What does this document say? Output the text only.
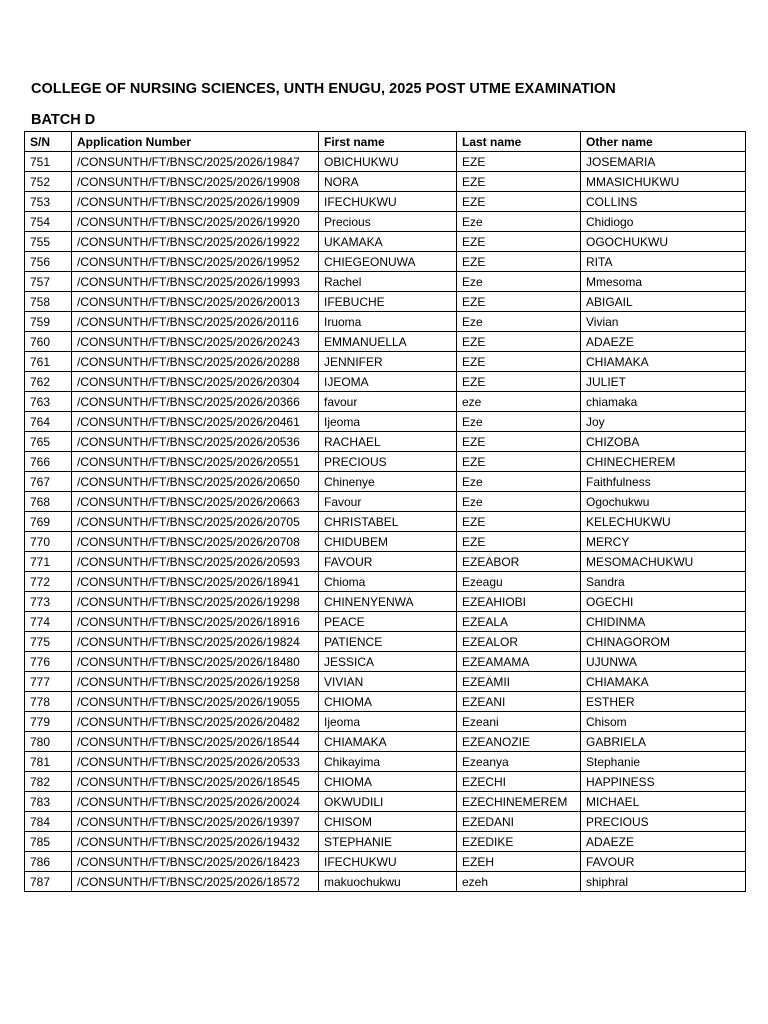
COLLEGE OF NURSING SCIENCES, UNTH ENUGU, 2025 POST UTME EXAMINATION
BATCH D
S/N	Application Number	First name	Last name	Other name
751	/CONSUNTH/FT/BNSC/2025/2026/19847	OBICHUKWU	EZE	JOSEMARIA
752	/CONSUNTH/FT/BNSC/2025/2026/19908	NORA	EZE	MMASICHUKWU
753	/CONSUNTH/FT/BNSC/2025/2026/19909	IFECHUKWU	EZE	COLLINS
754	/CONSUNTH/FT/BNSC/2025/2026/19920	Precious	Eze	Chidiogo
755	/CONSUNTH/FT/BNSC/2025/2026/19922	UKAMAKA	EZE	OGOCHUKWU
756	/CONSUNTH/FT/BNSC/2025/2026/19952	CHIEGEONUWA	EZE	RITA
757	/CONSUNTH/FT/BNSC/2025/2026/19993	Rachel	Eze	Mmesoma
758	/CONSUNTH/FT/BNSC/2025/2026/20013	IFEBUCHE	EZE	ABIGAIL
759	/CONSUNTH/FT/BNSC/2025/2026/20116	Iruoma	Eze	Vivian
760	/CONSUNTH/FT/BNSC/2025/2026/20243	EMMANUELLA	EZE	ADAEZE
761	/CONSUNTH/FT/BNSC/2025/2026/20288	JENNIFER	EZE	CHIAMAKA
762	/CONSUNTH/FT/BNSC/2025/2026/20304	IJEOMA	EZE	JULIET
763	/CONSUNTH/FT/BNSC/2025/2026/20366	favour	eze	chiamaka
764	/CONSUNTH/FT/BNSC/2025/2026/20461	Ijeoma	Eze	Joy
765	/CONSUNTH/FT/BNSC/2025/2026/20536	RACHAEL	EZE	CHIZOBA
766	/CONSUNTH/FT/BNSC/2025/2026/20551	PRECIOUS	EZE	CHINECHEREM
767	/CONSUNTH/FT/BNSC/2025/2026/20650	Chinenye	Eze	Faithfulness
768	/CONSUNTH/FT/BNSC/2025/2026/20663	Favour	Eze	Ogochukwu
769	/CONSUNTH/FT/BNSC/2025/2026/20705	CHRISTABEL	EZE	KELECHUKWU
770	/CONSUNTH/FT/BNSC/2025/2026/20708	CHIDUBEM	EZE	MERCY
771	/CONSUNTH/FT/BNSC/2025/2026/20593	FAVOUR	EZEABOR	MESOMACHUKWU
772	/CONSUNTH/FT/BNSC/2025/2026/18941	Chioma	Ezeagu	Sandra
773	/CONSUNTH/FT/BNSC/2025/2026/19298	CHINENYENWA	EZEAHIOBI	OGECHI
774	/CONSUNTH/FT/BNSC/2025/2026/18916	PEACE	EZEALA	CHIDINMA
775	/CONSUNTH/FT/BNSC/2025/2026/19824	PATIENCE	EZEALOR	CHINAGOROM
776	/CONSUNTH/FT/BNSC/2025/2026/18480	JESSICA	EZEAMAMA	UJUNWA
777	/CONSUNTH/FT/BNSC/2025/2026/19258	VIVIAN	EZEAMII	CHIAMAKA
778	/CONSUNTH/FT/BNSC/2025/2026/19055	CHIOMA	EZEANI	ESTHER
779	/CONSUNTH/FT/BNSC/2025/2026/20482	Ijeoma	Ezeani	Chisom
780	/CONSUNTH/FT/BNSC/2025/2026/18544	CHIAMAKA	EZEANOZIE	GABRIELA
781	/CONSUNTH/FT/BNSC/2025/2026/20533	Chikayima	Ezeanya	Stephanie
782	/CONSUNTH/FT/BNSC/2025/2026/18545	CHIOMA	EZECHI	HAPPINESS
783	/CONSUNTH/FT/BNSC/2025/2026/20024	OKWUDILI	EZECHINEMEREM	MICHAEL
784	/CONSUNTH/FT/BNSC/2025/2026/19397	CHISOM	EZEDANI	PRECIOUS
785	/CONSUNTH/FT/BNSC/2025/2026/19432	STEPHANIE	EZEDIKE	ADAEZE
786	/CONSUNTH/FT/BNSC/2025/2026/18423	IFECHUKWU	EZEH	FAVOUR
787	/CONSUNTH/FT/BNSC/2025/2026/18572	makuochukwu	ezeh	shiphral
